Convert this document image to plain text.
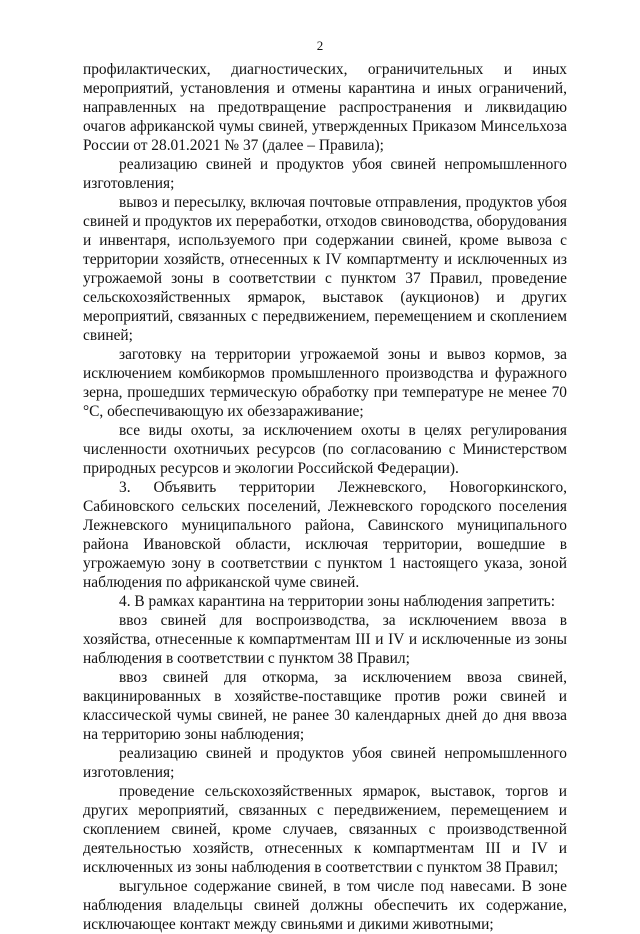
2

профилактических, диагностических, ограничительных и иных мероприятий, установления и отмены карантина и иных ограничений, направленных на предотвращение распространения и ликвидацию очагов африканской чумы свиней, утвержденных Приказом Минсельхоза России от 28.01.2021 № 37 (далее – Правила);

реализацию свиней и продуктов убоя свиней непромышленного изготовления;

вывоз и пересылку, включая почтовые отправления, продуктов убоя свиней и продуктов их переработки, отходов свиноводства, оборудования и инвентаря, используемого при содержании свиней, кроме вывоза с территории хозяйств, отнесенных к IV компартменту и исключенных из угрожаемой зоны в соответствии с пунктом 37 Правил, проведение сельскохозяйственных ярмарок, выставок (аукционов) и других мероприятий, связанных с передвижением, перемещением и скоплением свиней;

заготовку на территории угрожаемой зоны и вывоз кормов, за исключением комбикормов промышленного производства и фуражного зерна, прошедших термическую обработку при температуре не менее 70 °C, обеспечивающую их обеззараживание;

все виды охоты, за исключением охоты в целях регулирования численности охотничьих ресурсов (по согласованию с Министерством природных ресурсов и экологии Российской Федерации).

3. Объявить территории Лежневского, Новогоркинского, Сабиновского сельских поселений, Лежневского городского поселения Лежневского муниципального района, Савинского муниципального района Ивановской области, исключая территории, вошедшие в угрожаемую зону в соответствии с пунктом 1 настоящего указа, зоной наблюдения по африканской чуме свиней.

4. В рамках карантина на территории зоны наблюдения запретить:

ввоз свиней для воспроизводства, за исключением ввоза в хозяйства, отнесенные к компартментам III и IV и исключенные из зоны наблюдения в соответствии с пунктом 38 Правил;

ввоз свиней для откорма, за исключением ввоза свиней, вакцинированных в хозяйстве-поставщике против рожи свиней и классической чумы свиней, не ранее 30 календарных дней до дня ввоза на территорию зоны наблюдения;

реализацию свиней и продуктов убоя свиней непромышленного изготовления;

проведение сельскохозяйственных ярмарок, выставок, торгов и других мероприятий, связанных с передвижением, перемещением и скоплением свиней, кроме случаев, связанных с производственной деятельностью хозяйств, отнесенных к компартментам III и IV и исключенных из зоны наблюдения в соответствии с пунктом 38 Правил;

выгульное содержание свиней, в том числе под навесами. В зоне наблюдения владельцы свиней должны обеспечить их содержание, исключающее контакт между свиньями и дикими животными;
